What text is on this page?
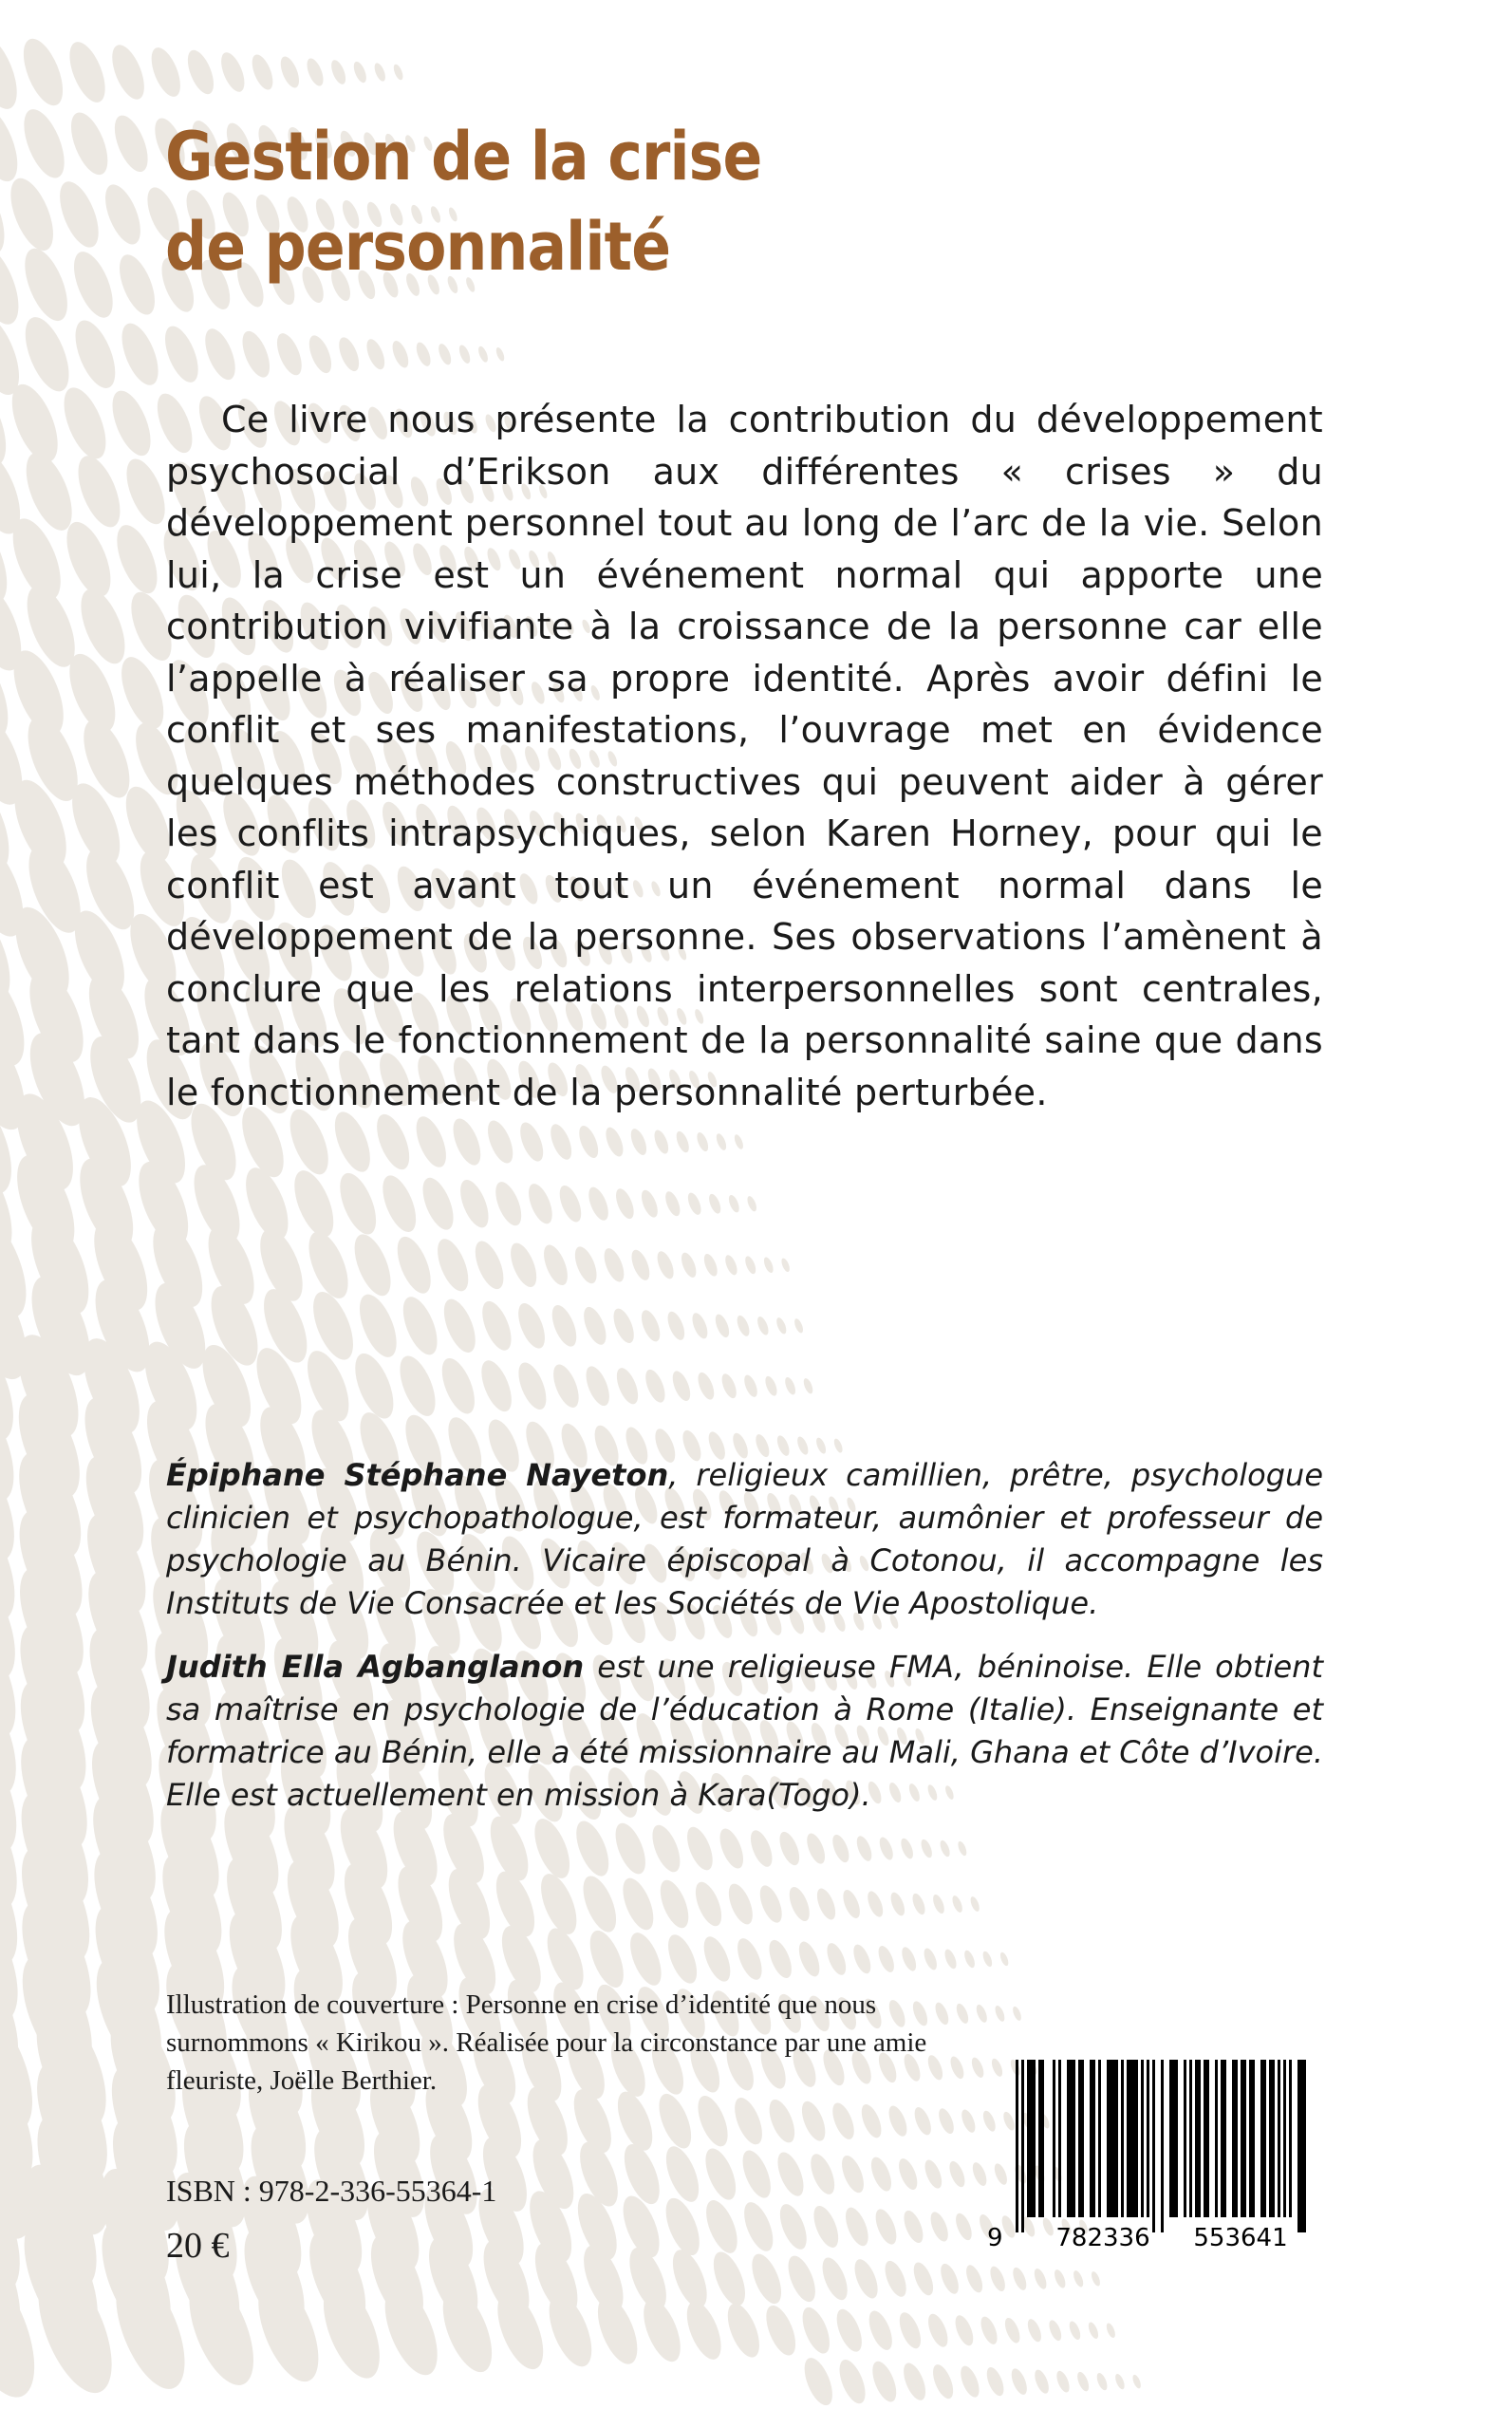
Gestion de la crise
de personnalité

Ce livre nous présente la contribution du développement psychosocial d’Erikson aux différentes « crises » du développement personnel tout au long de l’arc de la vie. Selon lui, la crise est un événement normal qui apporte une contribution vivifiante à la croissance de la personne car elle l’appelle à réaliser sa propre identité. Après avoir défini le conflit et ses manifestations, l’ouvrage met en évidence quelques méthodes constructives qui peuvent aider à gérer les conflits intrapsychiques, selon Karen Horney, pour qui le conflit est avant tout un événement normal dans le développement de la personne. Ses observations l’amènent à conclure que les relations interpersonnelles sont centrales, tant dans le fonctionnement de la personnalité saine que dans le fonctionnement de la personnalité perturbée.

Épiphane Stéphane Nayeton, religieux camillien, prêtre, psychologue clinicien et psychopathologue, est formateur, aumônier et professeur de psychologie au Bénin. Vicaire épiscopal à Cotonou, il accompagne les Instituts de Vie Consacrée et les Sociétés de Vie Apostolique.

Judith Ella Agbanglanon est une religieuse FMA, béninoise. Elle obtient sa maîtrise en psychologie de l’éducation à Rome (Italie). Enseignante et formatrice au Bénin, elle a été missionnaire au Mali, Ghana et Côte d’Ivoire. Elle est actuellement en mission à Kara(Togo).

Illustration de couverture : Personne en crise d’identité que nous surnommons « Kirikou ». Réalisée pour la circonstance par une amie fleuriste, Joëlle Berthier.

ISBN : 978-2-336-55364-1
20 €	9 782336 553641
